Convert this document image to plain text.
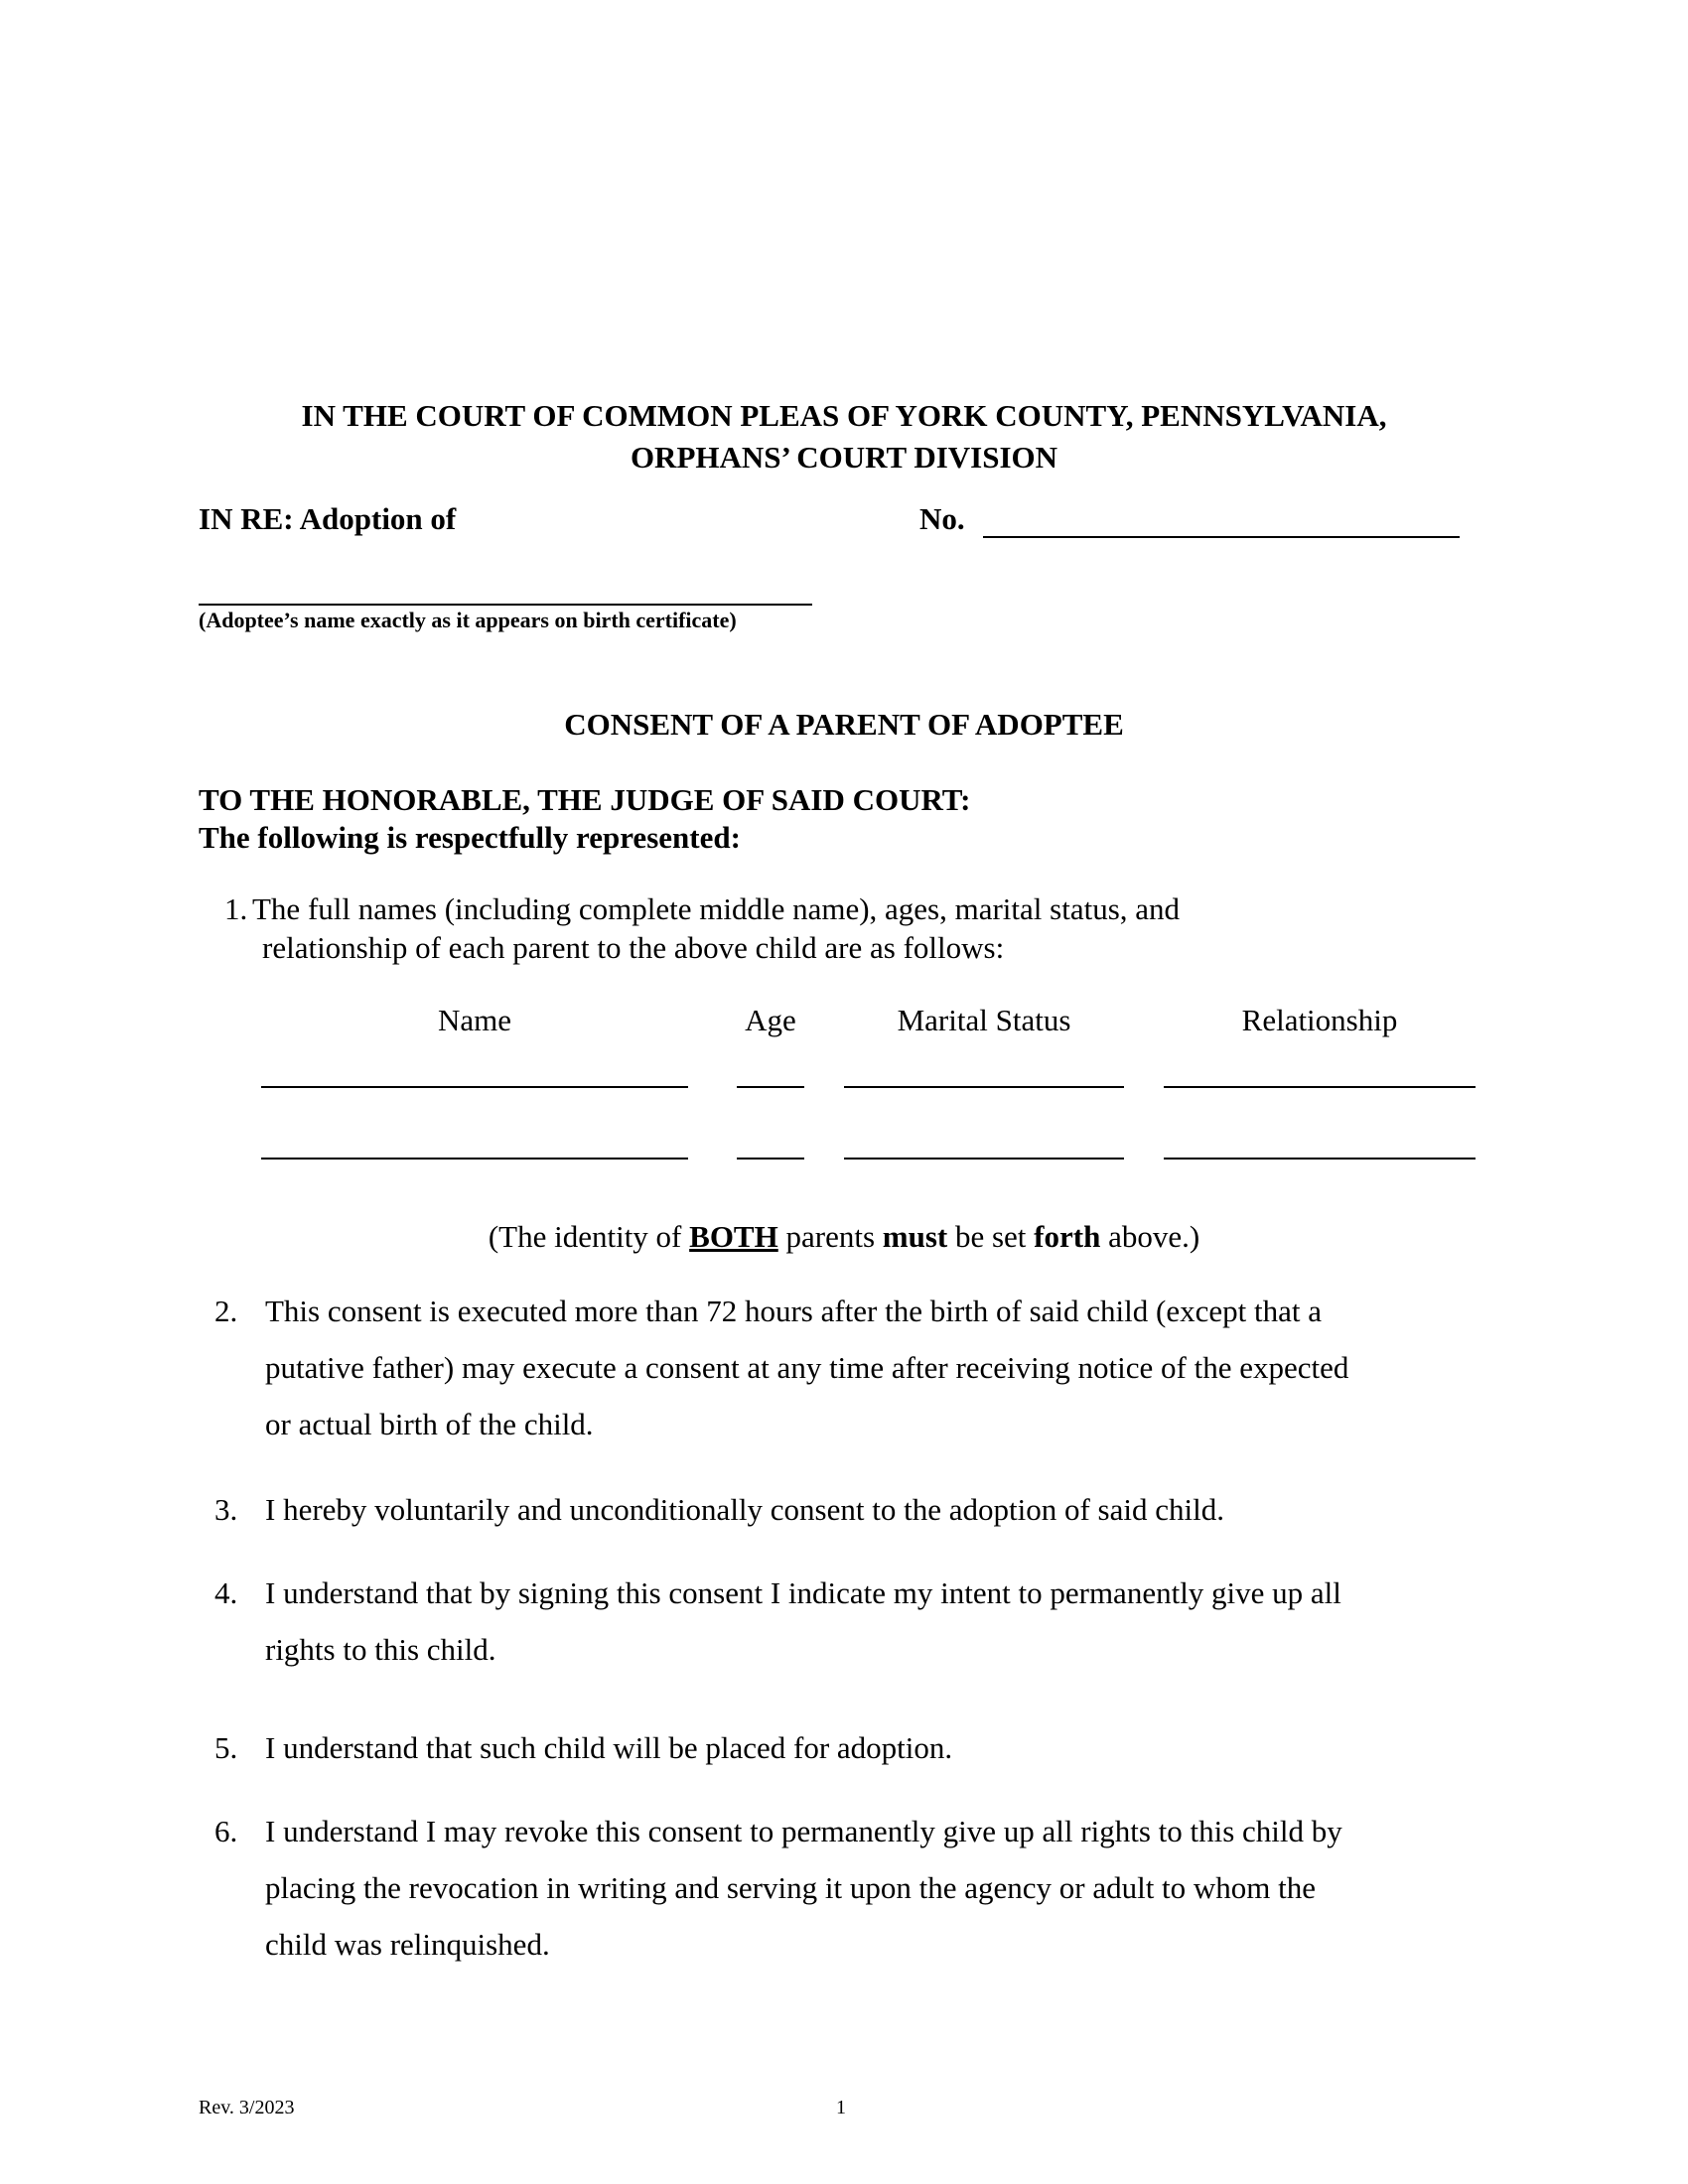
IN THE COURT OF COMMON PLEAS OF YORK COUNTY, PENNSYLVANIA,
ORPHANS’ COURT DIVISION
IN RE: Adoption of	No.
(Adoptee’s name exactly as it appears on birth certificate)
CONSENT OF A PARENT OF ADOPTEE
TO THE HONORABLE, THE JUDGE OF SAID COURT:
The following is respectfully represented:
1. The full names (including complete middle name), ages, marital status, and
relationship of each parent to the above child are as follows:
Name	Age	Marital Status	Relationship
(The identity of BOTH parents must be set forth above.)
2. This consent is executed more than 72 hours after the birth of said child (except that a
putative father) may execute a consent at any time after receiving notice of the expected
or actual birth of the child.
3. I hereby voluntarily and unconditionally consent to the adoption of said child.
4. I understand that by signing this consent I indicate my intent to permanently give up all
rights to this child.
5. I understand that such child will be placed for adoption.
6. I understand I may revoke this consent to permanently give up all rights to this child by
placing the revocation in writing and serving it upon the agency or adult to whom the
child was relinquished.
Rev. 3/2023	1
